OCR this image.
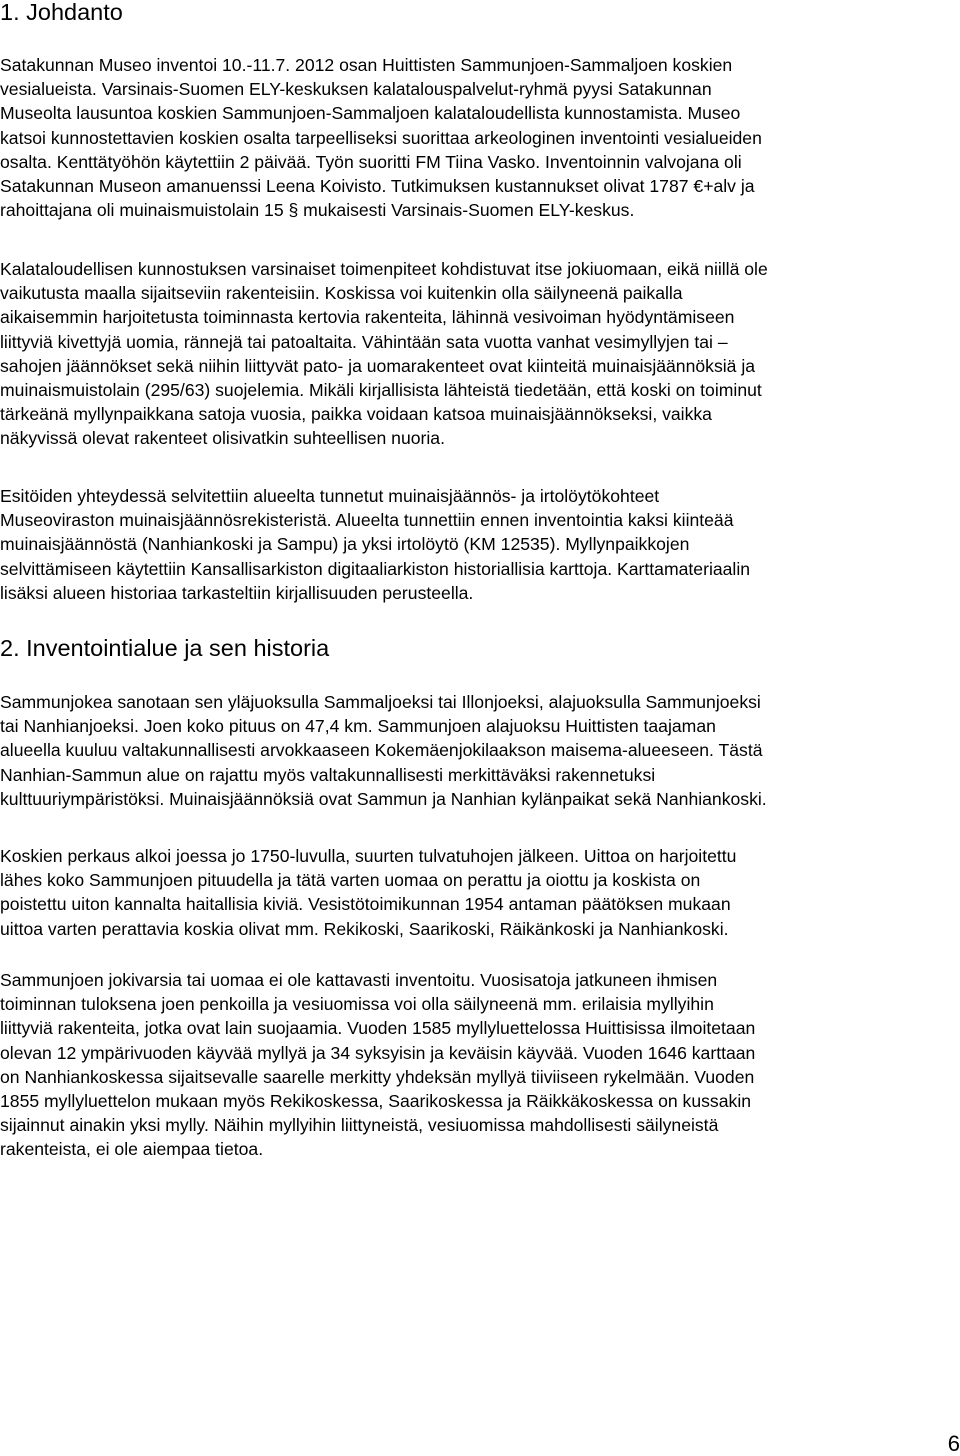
1. Johdanto

Satakunnan Museo inventoi 10.-11.7. 2012 osan Huittisten Sammunjoen-Sammaljoen koskien
vesialueista. Varsinais-Suomen ELY-keskuksen kalatalouspalvelut-ryhmä pyysi Satakunnan
Museolta lausuntoa koskien Sammunjoen-Sammaljoen kalataloudellista kunnostamista. Museo
katsoi kunnostettavien koskien osalta tarpeelliseksi suorittaa arkeologinen inventointi vesialueiden
osalta. Kenttätyöhön käytettiin 2 päivää. Työn suoritti FM Tiina Vasko. Inventoinnin valvojana oli
Satakunnan Museon amanuenssi Leena Koivisto. Tutkimuksen kustannukset olivat 1787 €+alv ja
rahoittajana oli muinaismuistolain 15 § mukaisesti Varsinais-Suomen ELY-keskus.

Kalataloudellisen kunnostuksen varsinaiset toimenpiteet kohdistuvat itse jokiuomaan, eikä niillä ole
vaikutusta maalla sijaitseviin rakenteisiin. Koskissa voi kuitenkin olla säilyneenä paikalla
aikaisemmin harjoitetusta toiminnasta kertovia rakenteita, lähinnä vesivoiman hyödyntämiseen
liittyviä kivettyjä uomia, rännejä tai patoaltaita. Vähintään sata vuotta vanhat vesimyllyjen tai –
sahojen jäännökset sekä niihin liittyvät pato- ja uomarakenteet ovat kiinteitä muinaisjäännöksiä ja
muinaismuistolain (295/63) suojelemia. Mikäli kirjallisista lähteistä tiedetään, että koski on toiminut
tärkeänä myllynpaikkana satoja vuosia, paikka voidaan katsoa muinaisjäännökseksi, vaikka
näkyvissä olevat rakenteet olisivatkin suhteellisen nuoria.

Esitöiden yhteydessä selvitettiin alueelta tunnetut muinaisjäännös- ja irtolöytökohteet
Museoviraston muinaisjäännösrekisteristä. Alueelta tunnettiin ennen inventointia kaksi kiinteää
muinaisjäännöstä (Nanhiankoski ja Sampu) ja yksi irtolöytö (KM 12535). Myllynpaikkojen
selvittämiseen käytettiin Kansallisarkiston digitaaliarkiston historiallisia karttoja. Karttamateriaalin
lisäksi alueen historiaa tarkasteltiin kirjallisuuden perusteella.

2. Inventointialue ja sen historia

Sammunjokea sanotaan sen yläjuoksulla Sammaljoeksi tai Illonjoeksi, alajuoksulla Sammunjoeksi
tai Nanhianjoeksi. Joen koko pituus on 47,4 km. Sammunjoen alajuoksu Huittisten taajaman
alueella kuuluu valtakunnallisesti arvokkaaseen Kokemäenjokilaakson maisema-alueeseen. Tästä
Nanhian-Sammun alue on rajattu myös valtakunnallisesti merkittäväksi rakennetuksi
kulttuuriympäristöksi. Muinaisjäännöksiä ovat Sammun ja Nanhian kylänpaikat sekä Nanhiankoski.

Koskien perkaus alkoi joessa jo 1750-luvulla, suurten tulvatuhojen jälkeen. Uittoa on harjoitettu
lähes koko Sammunjoen pituudella ja tätä varten uomaa on perattu ja oiottu ja koskista on
poistettu uiton kannalta haitallisia kiviä. Vesistötoimikunnan 1954 antaman päätöksen mukaan
uittoa varten perattavia koskia olivat mm. Rekikoski, Saarikoski, Räikänkoski ja Nanhiankoski.

Sammunjoen jokivarsia tai uomaa ei ole kattavasti inventoitu. Vuosisatoja jatkuneen ihmisen
toiminnan tuloksena joen penkoilla ja vesiuomissa voi olla säilyneenä mm. erilaisia myllyihin
liittyviä rakenteita, jotka ovat lain suojaamia. Vuoden 1585 myllyluettelossa Huittisissa ilmoitetaan
olevan 12 ympärivuoden käyvää myllyä ja 34 syksyisin ja keväisin käyvää. Vuoden 1646 karttaan
on Nanhiankoskessa sijaitsevalle saarelle merkitty yhdeksän myllyä tiiviiseen rykelmään. Vuoden
1855 myllyluettelon mukaan myös Rekikoskessa, Saarikoskessa ja Räikkäkoskessa on kussakin
sijainnut ainakin yksi mylly. Näihin myllyihin liittyneistä, vesiuomissa mahdollisesti säilyneistä
rakenteista, ei ole aiempaa tietoa.

6
